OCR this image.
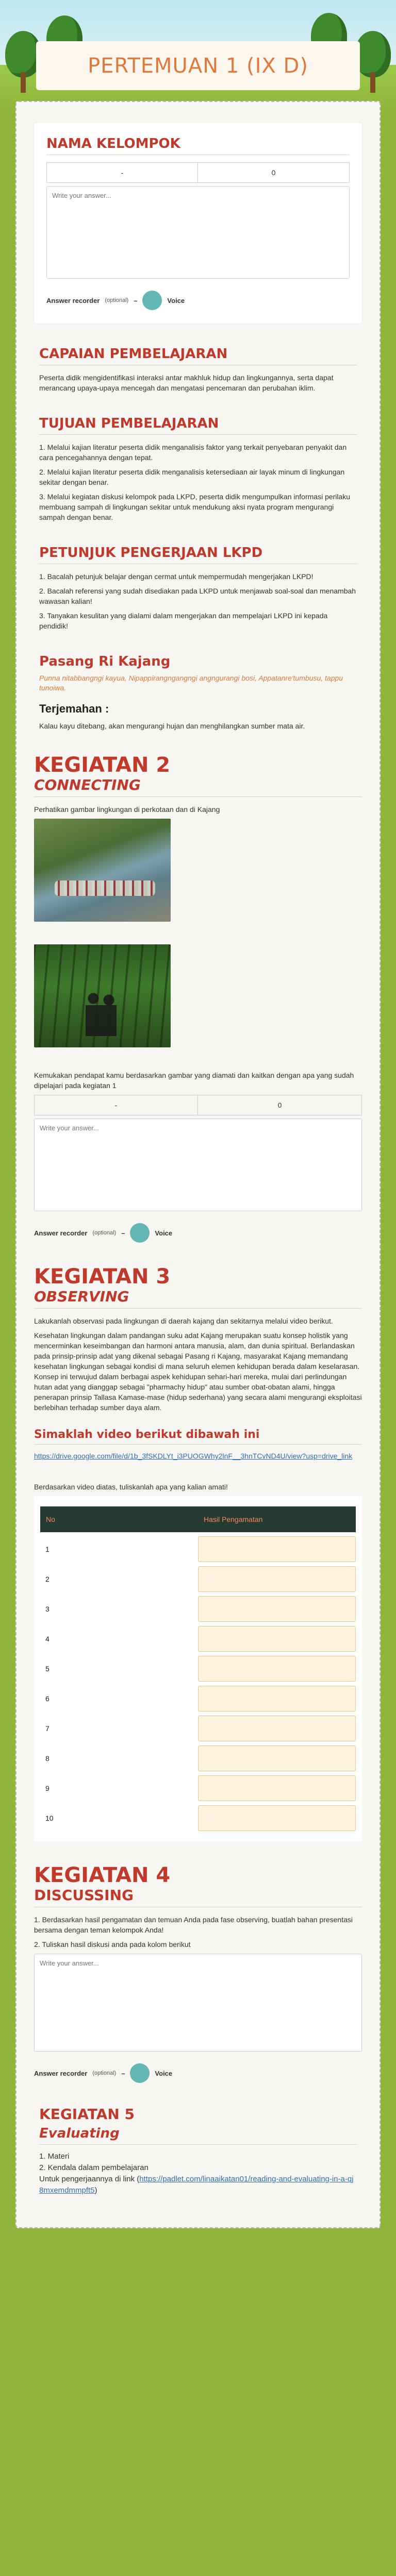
PERTEMUAN 1 (IX D)
NAMA KELOMPOK
-	0
Write your answer...
Answer recorder (optional) –	Voice
CAPAIAN PEMBELAJARAN

Peserta didik mengidentifikasi interaksi antar makhluk hidup dan lingkungannya, serta dapat merancang upaya-upaya mencegah dan mengatasi pencemaran dan perubahan iklim.

TUJUAN PEMBELAJARAN

1. Melalui kajian literatur peserta didik menganalisis faktor yang terkait penyebaran penyakit dan cara pencegahannya dengan tepat.

2. Melalui kajian literatur peserta didik menganalisis ketersediaan air layak minum di lingkungan sekitar dengan benar.

3. Melalui kegiatan diskusi kelompok pada LKPD, peserta didik mengumpulkan informasi perilaku membuang sampah di lingkungan sekitar untuk mendukung aksi nyata program mengurangi sampah dengan benar.

PETUNJUK PENGERJAAN LKPD

1. Bacalah petunjuk belajar dengan cermat untuk mempermudah mengerjakan LKPD!

2. Bacalah referensi yang sudah disediakan pada LKPD untuk menjawab soal-soal dan menambah wawasan kalian!

3. Tanyakan kesulitan yang dialami dalam mengerjakan dan mempelajari LKPD ini kepada pendidik!

Pasang Ri Kajang

Punna nitabbangngi kayua, Nipappirangngangngi angngurangi bosi, Appatanre'tumbusu, tappu tunoiwa.

Terjemahan :

Kalau kayu ditebang, akan mengurangi hujan dan menghilangkan sumber mata air.

KEGIATAN 2
CONNECTING

Perhatikan gambar lingkungan di perkotaan dan di Kajang

Kemukakan pendapat kamu berdasarkan gambar yang diamati dan kaitkan dengan apa yang sudah dipelajari pada kegiatan 1

-	0
Write your answer...
Answer recorder (optional) –	Voice
KEGIATAN 3
OBSERVING

Lakukanlah observasi pada lingkungan di daerah kajang dan sekitarnya melalui video berikut.

Kesehatan lingkungan dalam pandangan suku adat Kajang merupakan suatu konsep holistik yang mencerminkan keseimbangan dan harmoni antara manusia, alam, dan dunia spiritual. Berlandaskan pada prinsip-prinsip adat yang dikenal sebagai Pasang ri Kajang, masyarakat Kajang memandang kesehatan lingkungan sebagai kondisi di mana seluruh elemen kehidupan berada dalam keselarasan. Konsep ini terwujud dalam berbagai aspek kehidupan sehari-hari mereka, mulai dari perlindungan hutan adat yang dianggap sebagai "pharmachy hidup" atau sumber obat-obatan alami, hingga penerapan prinsip Tallasa Kamase-mase (hidup sederhana) yang secara alami mengurangi eksploitasi berlebihan terhadap sumber daya alam.

Simaklah video berikut dibawah ini
https://drive.google.com/file/d/1b_3fSKDLYt_i3PUOGWhy2lnF__3hnTCvND4U/view?usp=drive_link

Berdasarkan video diatas, tuliskanlah apa yang kalian amati!

No	Hasil Pengamatan
1	
2	
3	
4	
5	
6	
7	
8	
9	
10	
KEGIATAN 4
DISCUSSING

1. Berdasarkan hasil pengamatan dan temuan Anda pada fase observing, buatlah bahan presentasi bersama dengan teman kelompok Anda!

2. Tuliskan hasil diskusi anda pada kolom berikut

Write your answer...
Answer recorder (optional) –	Voice
KEGIATAN 5
Evaluating

1. Materi

2. Kendala dalam pembelajaran

Untuk pengerjaannya di link (https://padlet.com/linaaikatan01/reading-and-evaluating-in-a-qj8mxemdmmpft5)
